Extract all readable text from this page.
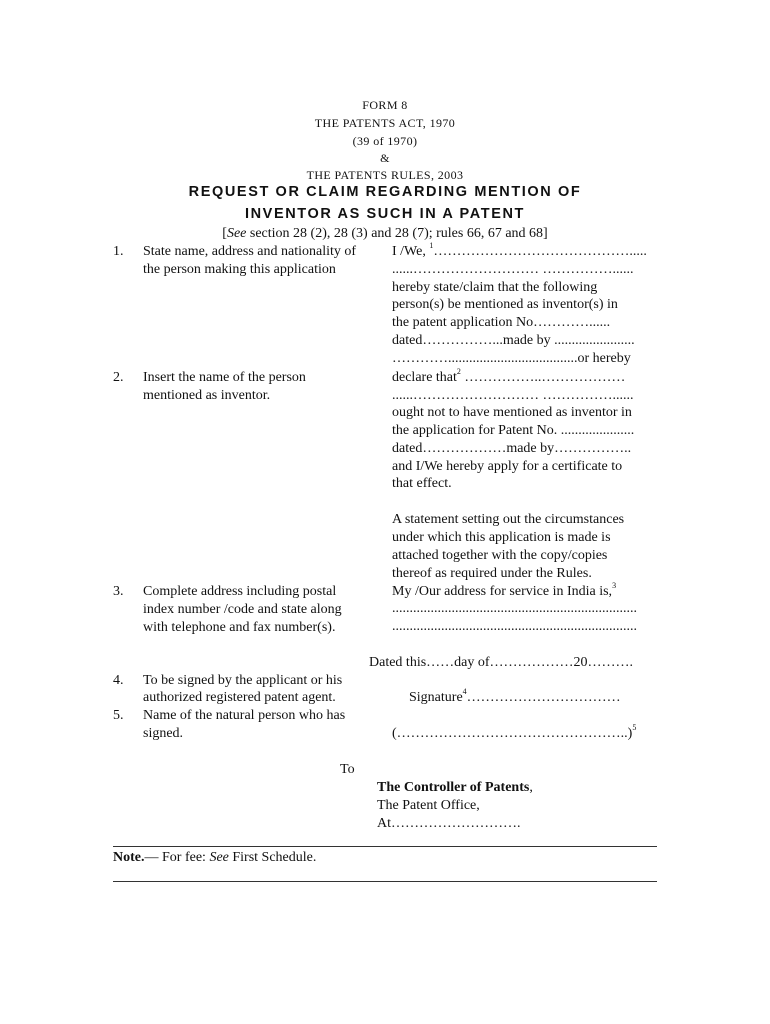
FORM 8
THE PATENTS ACT, 1970
(39 of 1970)
&
THE PATENTS RULES, 2003
REQUEST OR CLAIM REGARDING MENTION OF
INVENTOR AS SUCH IN A PATENT
[See section 28 (2), 28 (3) and 28 (7); rules 66, 67 and 68]
1. State name, address and nationality of
the person making this application
2. Insert the name of the person
mentioned as inventor.
3. Complete address including postal
index number /code and state along
with telephone and fax number(s).
4. To be signed by the applicant or his
authorized registered patent agent.
5. Name of the natural person who has
signed.
I /We, $^1$…………………………………….....
......……………………… ……………......
hereby state/claim that the following
person(s) be mentioned as inventor(s) in
the patent application No…………......
dated……………...made by .......................
………….....................................or hereby
declare that$^2$ ……………..………………
......……………………… ……………......
ought not to have mentioned as inventor in
the application for Patent No. .....................
dated………………made by……………..
and I/We hereby apply for a certificate to
that effect.
A statement setting out the circumstances
under which this application is made is
attached together with the copy/copies
thereof as required under the Rules.
My /Our address for service in India is,$^3$
......................................................................
......................................................................
Dated this……day of………………20……….
Signature$^4$……………………………
(…………………………………………..)$^5$
To
The Controller of Patents,
The Patent Office,
At……………………….
Note.— For fee: See First Schedule.
